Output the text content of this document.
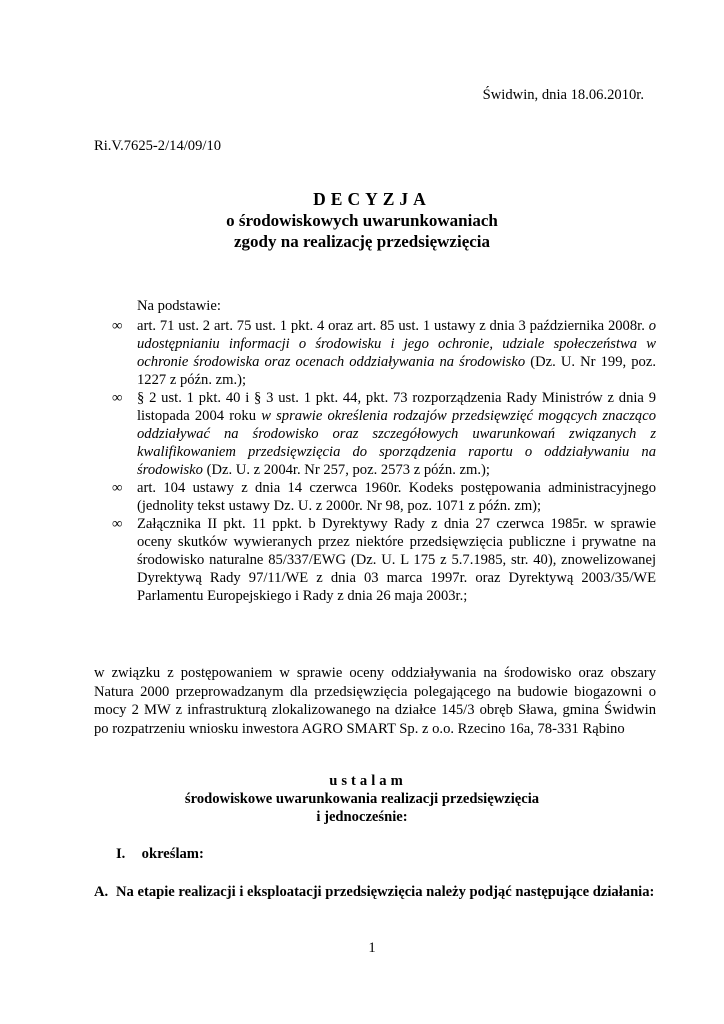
Świdwin, dnia 18.06.2010r.
Ri.V.7625-2/14/09/10
DECYZJA
o środowiskowych uwarunkowaniach
zgody na realizację przedsięwzięcia
Na podstawie:
∞ art. 71 ust. 2 art. 75 ust. 1 pkt. 4 oraz art. 85 ust. 1 ustawy z dnia 3 października 2008r. o udostępnianiu informacji o środowisku i jego ochronie, udziale społeczeństwa w ochronie środowiska oraz ocenach oddziaływania na środowisko (Dz. U. Nr 199, poz. 1227 z późn. zm.);
∞ § 2 ust. 1 pkt. 40 i § 3 ust. 1 pkt. 44, pkt. 73 rozporządzenia Rady Ministrów z dnia 9 listopada 2004 roku w sprawie określenia rodzajów przedsięwzięć mogących znacząco oddziaływać na środowisko oraz szczegółowych uwarunkowań związanych z kwalifikowaniem przedsięwzięcia do sporządzenia raportu o oddziaływaniu na środowisko (Dz. U. z 2004r. Nr 257, poz. 2573 z późn. zm.);
∞ art. 104 ustawy z dnia 14 czerwca 1960r. Kodeks postępowania administracyjnego (jednolity tekst ustawy Dz. U. z 2000r. Nr 98, poz. 1071 z późn. zm);
∞ Załącznika II pkt. 11 ppkt. b Dyrektywy Rady z dnia 27 czerwca 1985r. w sprawie oceny skutków wywieranych przez niektóre przedsięwzięcia publiczne i prywatne na środowisko naturalne 85/337/EWG (Dz. U. L 175 z 5.7.1985, str. 40), znowelizowanej Dyrektywą Rady 97/11/WE z dnia 03 marca 1997r. oraz Dyrektywą 2003/35/WE Parlamentu Europejskiego i Rady z dnia 26 maja 2003r.;
w związku z postępowaniem w sprawie oceny oddziaływania na środowisko oraz obszary Natura 2000 przeprowadzanym dla przedsięwzięcia polegającego na budowie biogazowni o mocy 2 MW z infrastrukturą zlokalizowanego na działce 145/3 obręb Sława, gmina Świdwin po rozpatrzeniu wniosku inwestora AGRO SMART Sp. z o.o. Rzecino 16a, 78-331 Rąbino
ustalam
środowiskowe uwarunkowania realizacji przedsięwzięcia
i jednocześnie:
I. określam:
A. Na etapie realizacji i eksploatacji przedsięwzięcia należy podjąć następujące działania:
1
